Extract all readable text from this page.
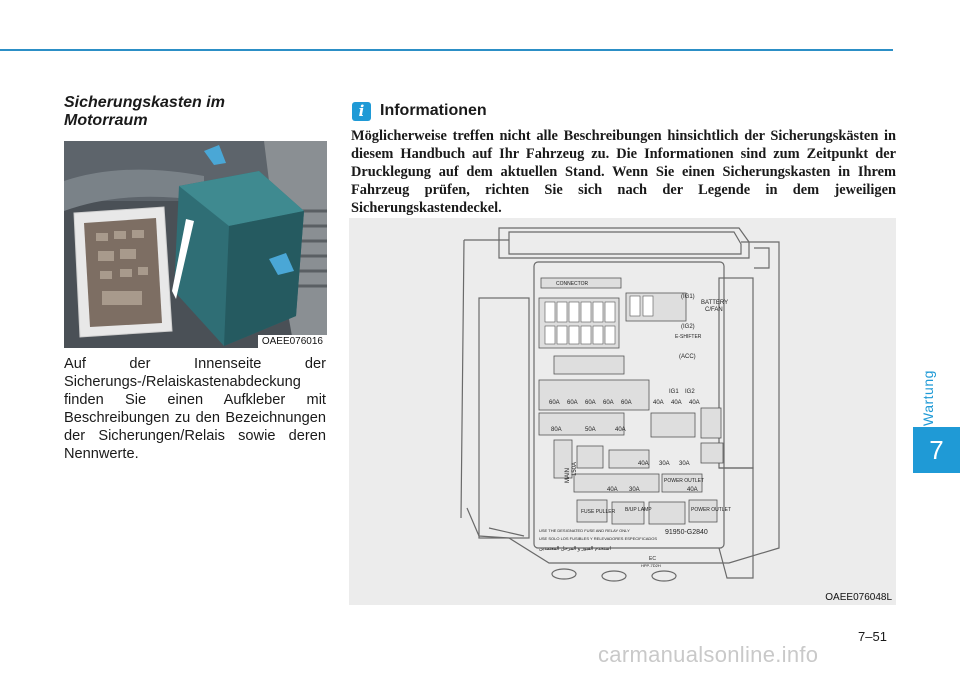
Wartung
7
Sicherungskasten im Motorraum
OAEE076016
Auf der Innenseite der Sicherungs-/Relaiskastenabdeckung finden Sie einen Aufkleber mit Beschreibungen zu den Bezeichnungen der Sicherungen/Relais sowie deren Nennwerte.
i Informationen
Möglicherweise treffen nicht alle Beschreibungen hinsichtlich der Sicherungskästen in diesem Handbuch auf Ihr Fahrzeug zu. Die Informationen sind zum Zeitpunkt der Drucklegung auf dem aktuellen Stand. Wenn Sie einen Sicherungskasten in Ihrem Fahrzeug prüfen, richten Sie sich nach der Legende in dem jeweiligen Sicherungskastendeckel.
CONNECTOR
BATTERY
C/FAN
(IG1)
(IG2)
(ACC)
E-SHIFTER
IG1 IG2
60A 60A 60A 60A 60A	40A 40A 40A
80A	50A	40A
MAIN 150A	40A 30A 30A
40A 30A	40A
POWER OUTLET
POWER OUTLET
FUSE PULLER B/UP LAMP
91950-G2840
USE THE DESIGNATED FUSE AND RELAY ONLY
USE SOLO LOS FUSIBLES Y RELEVADORES ESPECIFICADOS
استخدم الفيوز و المرحل المعتمدين
EC
HPP-7D2H
OAEE076048L
7–51
carmanualsonline.info
